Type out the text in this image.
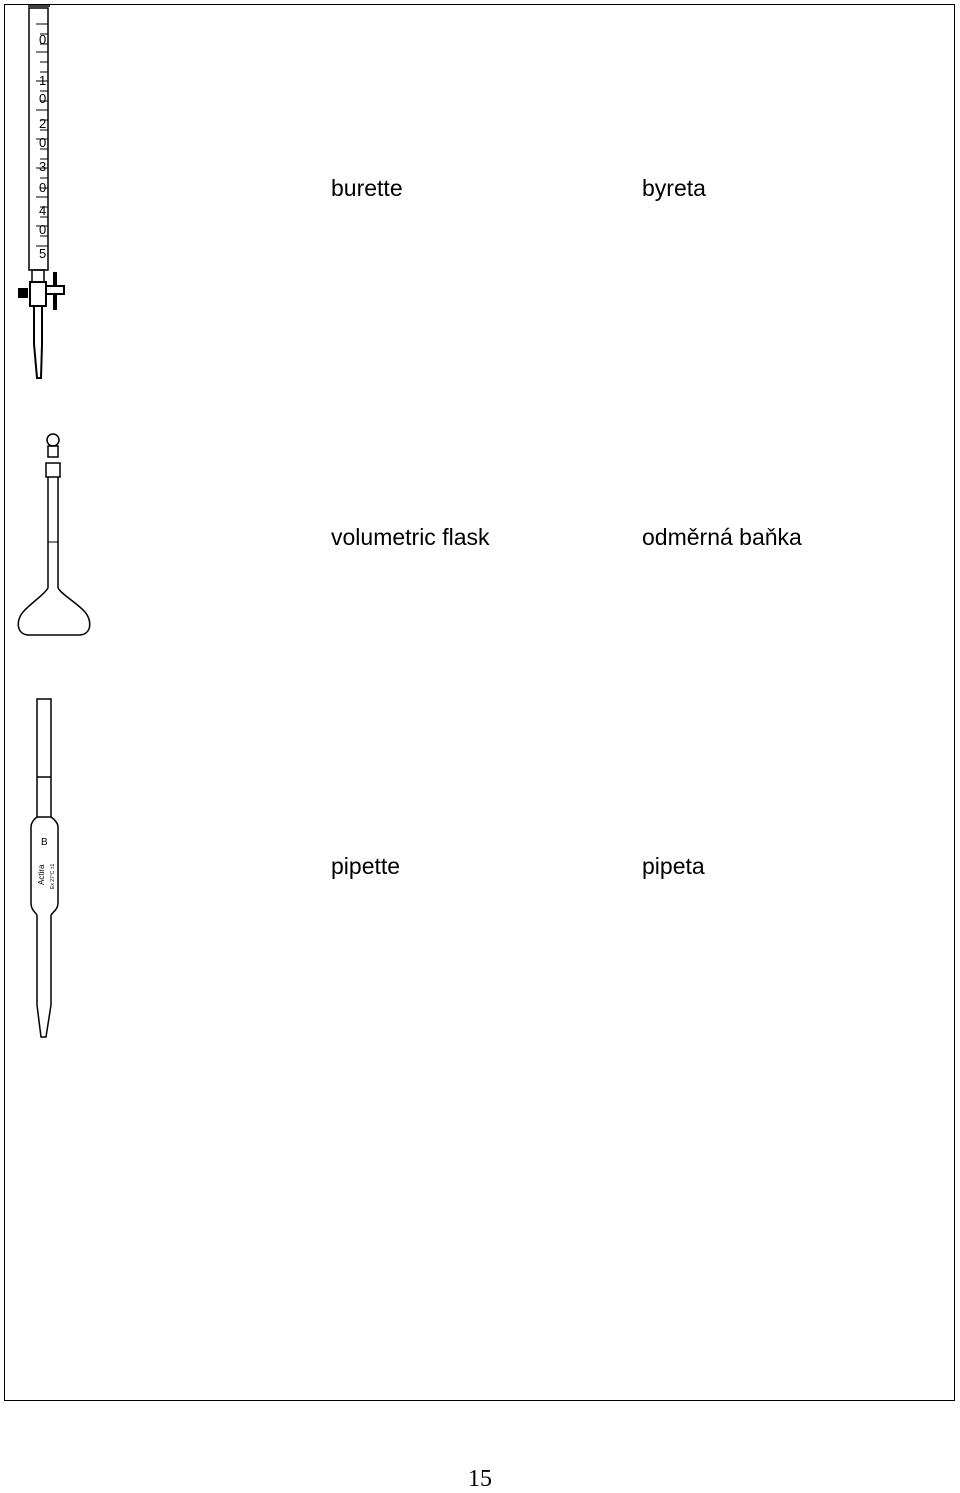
0
1
0
2
0
3
0
4
0
5
burette	byreta
volumetric flask	odměrná baňka
B
Actira Ex 27°C ±1	pipette	pipeta
15
